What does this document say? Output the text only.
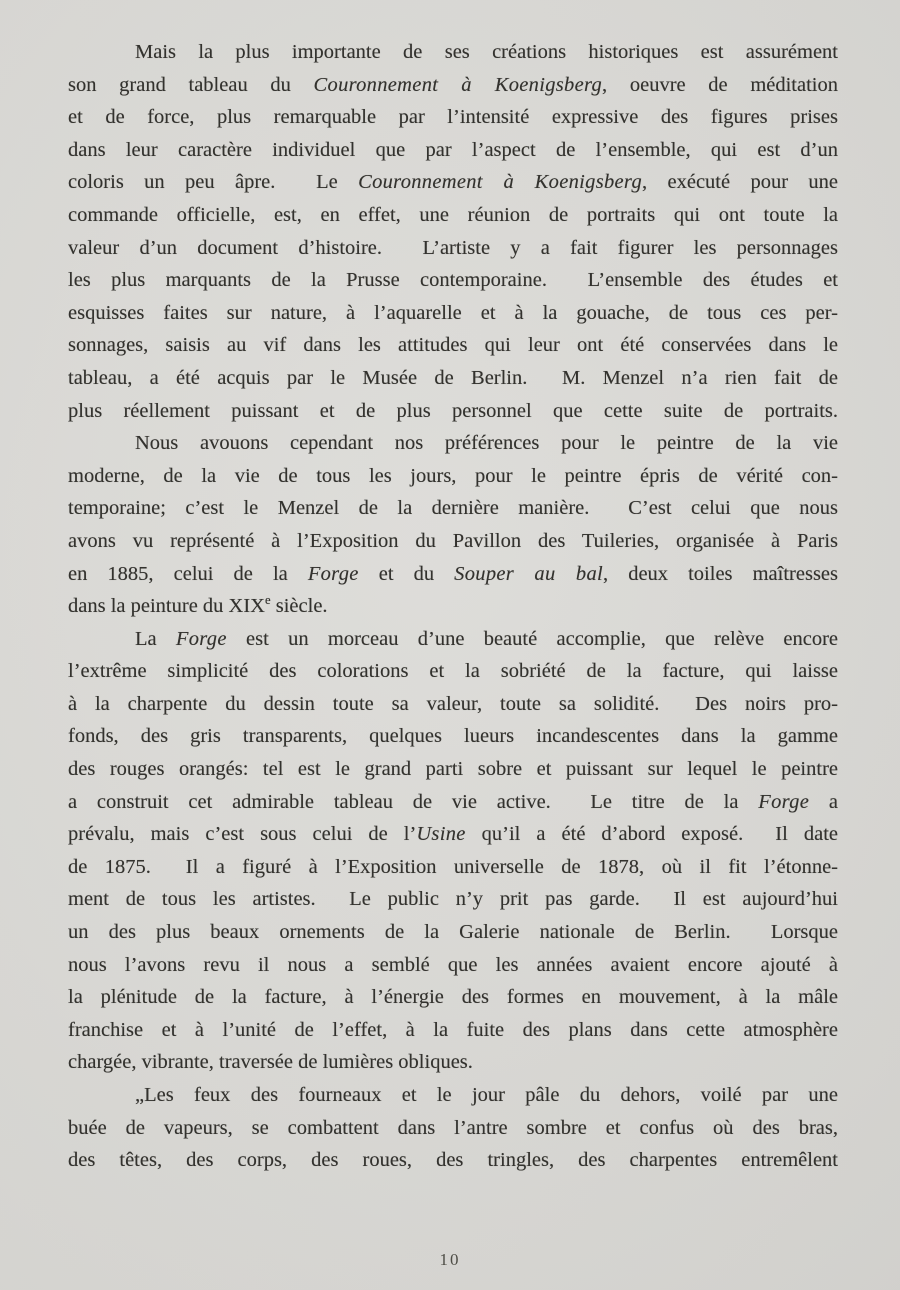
Mais la plus importante de ses créations historiques est assurément
son grand tableau du Couronnement à Koenigsberg, oeuvre de méditation
et de force, plus remarquable par l’intensité expressive des figures prises
dans leur caractère individuel que par l’aspect de l’ensemble, qui est d’un
coloris un peu âpre.  Le Couronnement à Koenigsberg, exécuté pour une
commande officielle, est, en effet, une réunion de portraits qui ont toute la
valeur d’un document d’histoire.  L’artiste y a fait figurer les personnages
les plus marquants de la Prusse contemporaine.  L’ensemble des études et
esquisses faites sur nature, à l’aquarelle et à la gouache, de tous ces per-
sonnages, saisis au vif dans les attitudes qui leur ont été conservées dans le
tableau, a été acquis par le Musée de Berlin.  M. Menzel n’a rien fait de
plus réellement puissant et de plus personnel que cette suite de portraits.
Nous avouons cependant nos préférences pour le peintre de la vie
moderne, de la vie de tous les jours, pour le peintre épris de vérité con-
temporaine; c’est le Menzel de la dernière manière.  C’est celui que nous
avons vu représenté à l’Exposition du Pavillon des Tuileries, organisée à Paris
en 1885, celui de la Forge et du Souper au bal, deux toiles maîtresses
dans la peinture du XIXe siècle.
La Forge est un morceau d’une beauté accomplie, que relève encore
l’extrême simplicité des colorations et la sobriété de la facture, qui laisse
à la charpente du dessin toute sa valeur, toute sa solidité.  Des noirs pro-
fonds, des gris transparents, quelques lueurs incandescentes dans la gamme
des rouges orangés: tel est le grand parti sobre et puissant sur lequel le peintre
a construit cet admirable tableau de vie active.  Le titre de la Forge a
prévalu, mais c’est sous celui de l’Usine qu’il a été d’abord exposé.  Il date
de 1875.  Il a figuré à l’Exposition universelle de 1878, où il fit l’étonne-
ment de tous les artistes.  Le public n’y prit pas garde.  Il est aujourd’hui
un des plus beaux ornements de la Galerie nationale de Berlin.  Lorsque
nous l’avons revu il nous a semblé que les années avaient encore ajouté à
la plénitude de la facture, à l’énergie des formes en mouvement, à la mâle
franchise et à l’unité de l’effet, à la fuite des plans dans cette atmosphère
chargée, vibrante, traversée de lumières obliques.
„Les feux des fourneaux et le jour pâle du dehors, voilé par une
buée de vapeurs, se combattent dans l’antre sombre et confus où des bras,
des têtes, des corps, des roues, des tringles, des charpentes entremêlent
10
